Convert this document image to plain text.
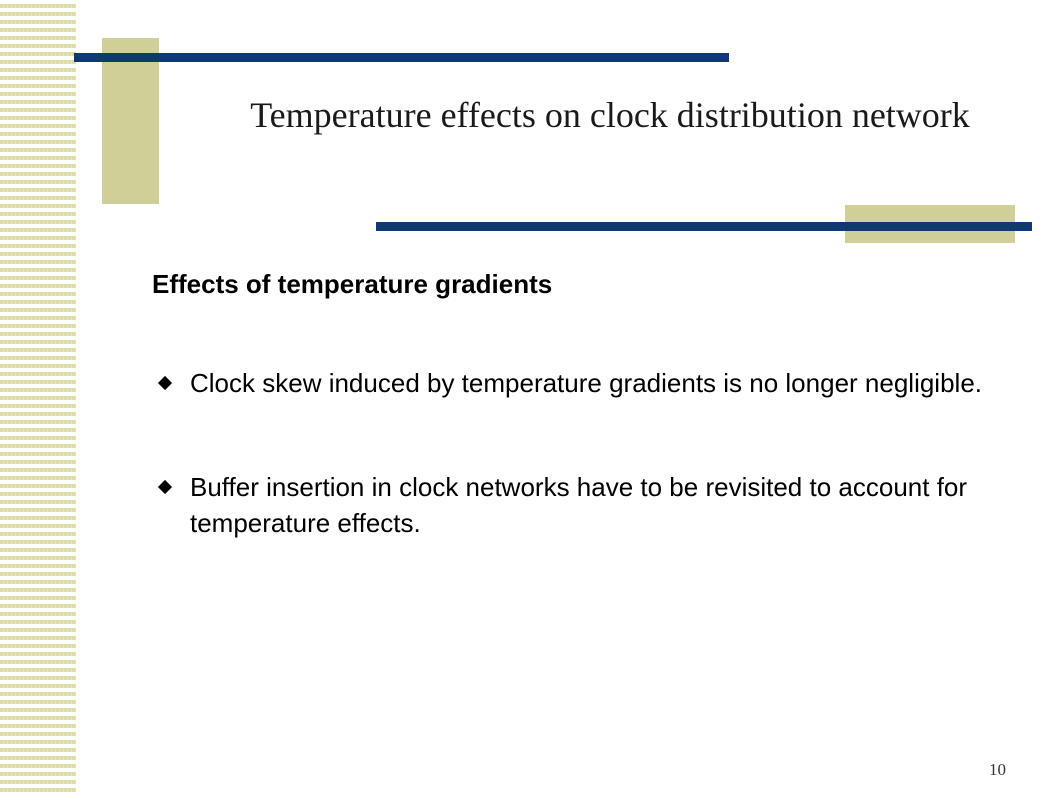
Temperature effects on clock distribution network

Effects of temperature gradients

Clock skew induced by temperature gradients is no longer negligible.
Buffer insertion in clock networks have to be revisited to account for temperature effects.
10
